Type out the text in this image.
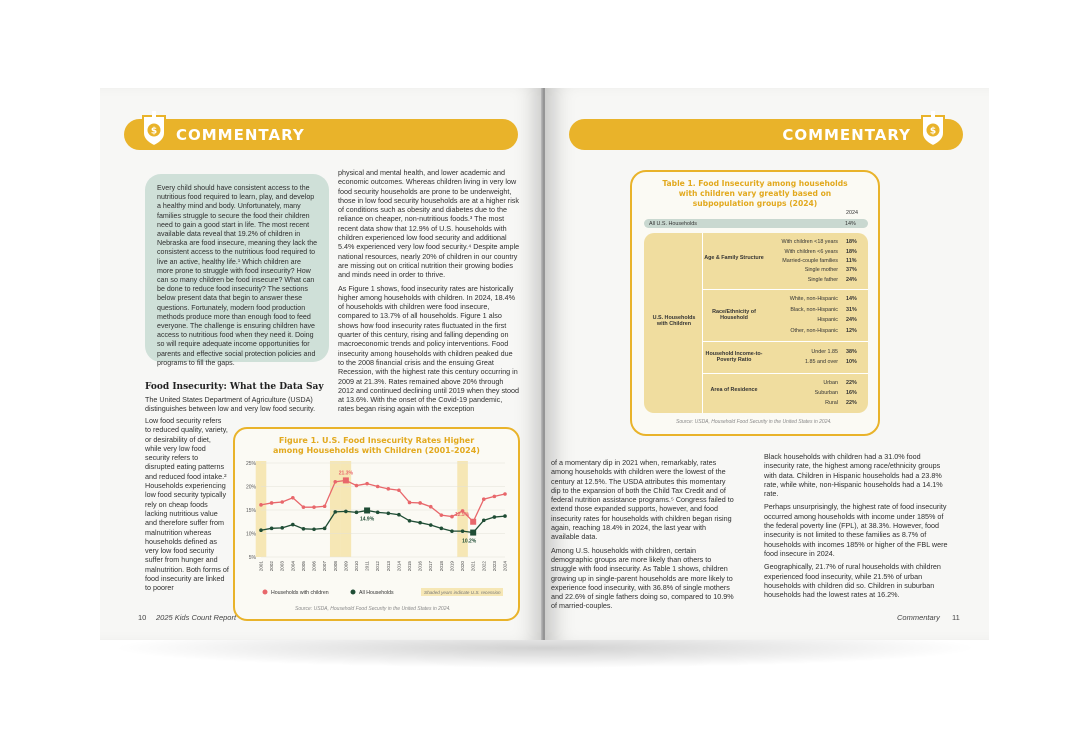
$ COMMENTARY
Every child should have consistent access to the nutritious food required to learn, play, and develop a healthy mind and body. Unfortunately, many families struggle to secure the food their children need to gain a good start in life. The most recent available data reveal that 19.2% of children in Nebraska are food insecure, meaning they lack the consistent access to the nutritious food required to live an active, healthy life.¹ Which children are more prone to struggle with food insecurity? How can so many children be food insecure? What can be done to reduce food insecurity? The sections below present data that begin to answer these questions. Fortunately, modern food production methods produce more than enough food to feed everyone. The challenge is ensuring children have access to nutritious food when they need it. Doing so will require adequate income opportunities for parents and effective social protection policies and programs to fill the gaps.
Food Insecurity: What the Data Say
The United States Department of Agriculture (USDA) distinguishes between low and very low food security.
Low food security refers to reduced quality, variety, or desirability of diet, while very low food security refers to disrupted eating patterns and reduced food intake.² Households experiencing low food security typically rely on cheap foods lacking nutritious value and therefore suffer from malnutrition whereas households defined as very low food security suffer from hunger and malnutrition. Both forms of food insecurity are linked to poorer

physical and mental health, and lower academic and economic outcomes. Whereas children living in very low food security households are prone to be underweight, those in low food security households are at a higher risk of conditions such as obesity and diabetes due to the reliance on cheaper, non-nutritious foods.³ The most recent data show that 12.9% of U.S. households with children experienced low food security and additional 5.4% experienced very low food security.⁴ Despite ample national resources, nearly 20% of children in our country are missing out on critical nutrition their growing bodies and minds need in order to thrive.

As Figure 1 shows, food insecurity rates are historically higher among households with children. In 2024, 18.4% of households with children were food insecure, compared to 13.7% of all households. Figure 1 also shows how food insecurity rates fluctuated in the first quarter of this century, rising and falling depending on macroeconomic trends and policy interventions. Food insecurity among households with children peaked due to the 2008 financial crisis and the ensuing Great Recession, with the highest rate this century occurring in 2009 at 21.3%. Rates remained above 20% through 2012 and continued declining until 2019 when they stood at 13.6%. With the onset of the Covid-19 pandemic, rates began rising again with the exception

Figure 1. U.S. Food Insecurity Rates Higher
among Households with Children (2001-2024)
25%
20%
15%
10%
5%
2001 2002 2003 2004 2005 2006 2007 2008 2009 2010 2011 2012 2013 2014 2015 2016 2017 2018 2019 2020 2021 2022 2023 2024
21.3%
14.9%
12.5%
10.2%
Households with children	All Households	Shaded years indicate U.S. recession
Source: USDA, Household Food Security in the United States in 2024.
10 2025 Kids Count Report
COMMENTARY $
Table 1. Food Insecurity among households
with children vary greatly based on
subpopulation groups (2024)
2024
All U.S. Households	14%
U.S. Households with Children
Age & Family Structure
With children <18 years 18%
With children <6 years 18%
Married-couple families 11%
Single mother 37%
Single father 24%
Race/Ethnicity of Household
White, non-Hispanic 14%
Black, non-Hispanic 31%
Hispanic 24%
Other, non-Hispanic 12%
Household Income-to-Poverty Ratio
Under 1.85 38%
1.85 and over 10%
Area of Residence
Urban 22%
Suburban 16%
Rural 22%
Source: USDA, Household Food Security in the United States in 2024.

of a momentary dip in 2021 when, remarkably, rates among households with children were the lowest of the century at 12.5%. The USDA attributes this momentary dip to the expansion of both the Child Tax Credit and of federal nutrition assistance programs.⁵ Congress failed to extend those expanded supports, however, and food insecurity rates for households with children began rising again, reaching 18.4% in 2024, the last year with available data.

Among U.S. households with children, certain demographic groups are more likely than others to struggle with food insecurity. As Table 1 shows, children growing up in single-parent households are more likely to experience food insecurity, with 36.8% of single mothers and 22.6% of single fathers doing so, compared to 10.9% of married-couples.

Black households with children had a 31.0% food insecurity rate, the highest among race/ethnicity groups with data. Children in Hispanic households had a 23.8% rate, while white, non-Hispanic households had a 14.1% rate.

Perhaps unsurprisingly, the highest rate of food insecurity occurred among households with income under 185% of the federal poverty line (FPL), at 38.3%. However, food insecurity is not limited to these families as 8.7% of households with incomes 185% or higher of the FBL were food insecure in 2024.

Geographically, 21.7% of rural households with children experienced food insecurity, while 21.5% of urban households with children did so. Children in suburban households had the lowest rates at 16.2%.

Commentary 11
